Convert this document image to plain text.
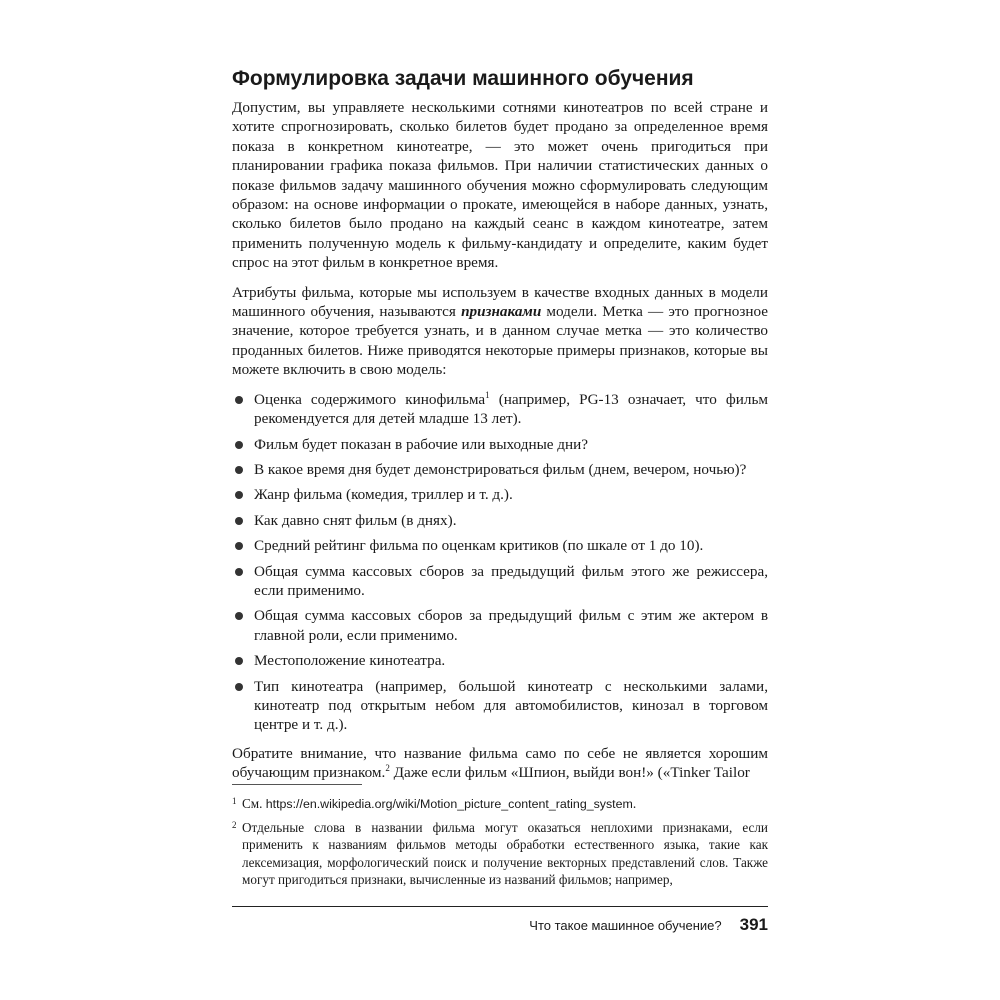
Формулировка задачи машинного обучения

Допустим, вы управляете несколькими сотнями кинотеатров по всей стране и хотите спрогнозировать, сколько билетов будет продано за определенное время показа в конкретном кинотеатре, — это может очень пригодиться при планировании графика показа фильмов. При наличии статистических данных о показе фильмов задачу машинного обучения можно сформулировать следующим образом: на основе информации о прокате, имеющейся в наборе данных, узнать, сколько билетов было продано на каждый сеанс в каждом кинотеатре, затем применить полученную модель к фильму-кандидату и определите, каким будет спрос на этот фильм в конкретное время.

Атрибуты фильма, которые мы используем в качестве входных данных в модели машинного обучения, называются признаками модели. Метка — это прогнозное значение, которое требуется узнать, и в данном случае метка — это количество проданных билетов. Ниже приводятся некоторые примеры признаков, которые вы можете включить в свою модель:

Оценка содержимого кинофильма$^1$ (например, PG-13 означает, что фильм рекомендуется для детей младше 13 лет).
Фильм будет показан в рабочие или выходные дни?
В какое время дня будет демонстрироваться фильм (днем, вечером, ночью)?
Жанр фильма (комедия, триллер и т. д.).
Как давно снят фильм (в днях).
Средний рейтинг фильма по оценкам критиков (по шкале от 1 до 10).
Общая сумма кассовых сборов за предыдущий фильм этого же режиссера, если применимо.
Общая сумма кассовых сборов за предыдущий фильм с этим же актером в главной роли, если применимо.
Местоположение кинотеатра.
Тип кинотеатра (например, большой кинотеатр с несколькими залами, кинотеатр под открытым небом для автомобилистов, кинозал в торговом центре и т. д.).

Обратите внимание, что название фильма само по себе не является хорошим обучающим признаком.$^2$ Даже если фильм «Шпион, выйди вон!» («Tinker Tailor

1 См. https://en.wikipedia.org/wiki/Motion_picture_content_rating_system.
2 Отдельные слова в названии фильма могут оказаться неплохими признаками, если применить к названиям фильмов методы обработки естественного языка, такие как лексемизация, морфологический поиск и получение векторных представлений слов. Также могут пригодиться признаки, вычисленные из названий фильмов; например,
Что такое машинное обучение? 391
